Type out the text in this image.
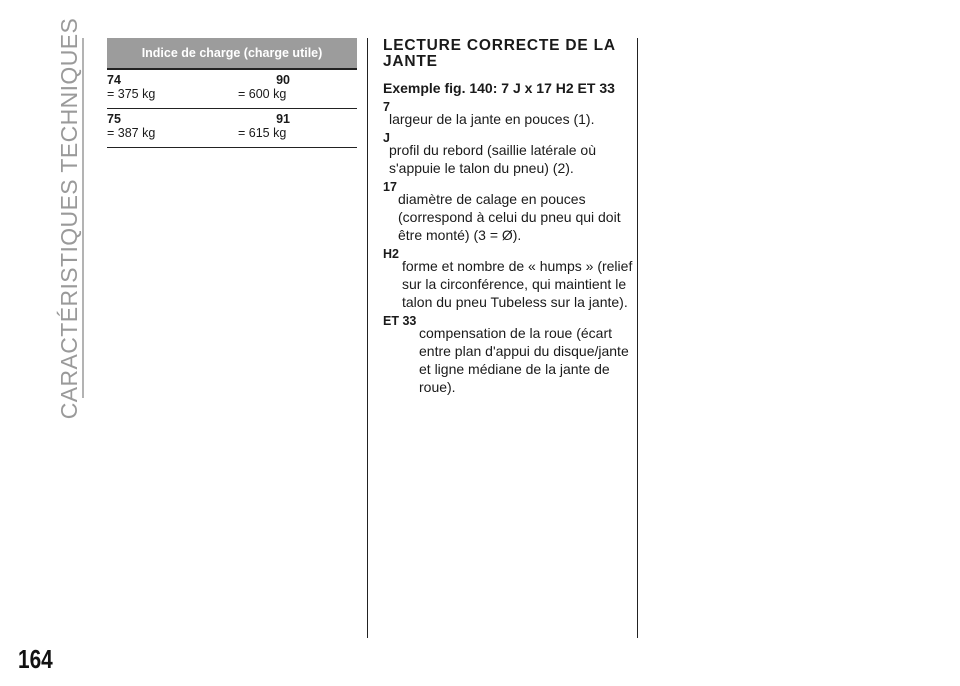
CARACTÉRISTIQUES TECHNIQUES	Indice de charge (charge utile)
74
= 375 kg
90
= 600 kg
75
= 387 kg
91
= 615 kg
LECTURE CORRECTE DE LA JANTE
Exemple fig. 140: 7 J x 17 H2 ET 33
7
largeur de la jante en pouces (1).
J
profil du rebord (saillie latérale où s'appuie le talon du pneu) (2).
17
diamètre de calage en pouces (correspond à celui du pneu qui doit être monté) (3 = Ø).
H2
forme et nombre de « humps » (relief sur la circonférence, qui maintient le talon du pneu Tubeless sur la jante).
ET 33
compensation de la roue (écart entre plan d'appui du disque/jante et ligne médiane de la jante de roue).
164
